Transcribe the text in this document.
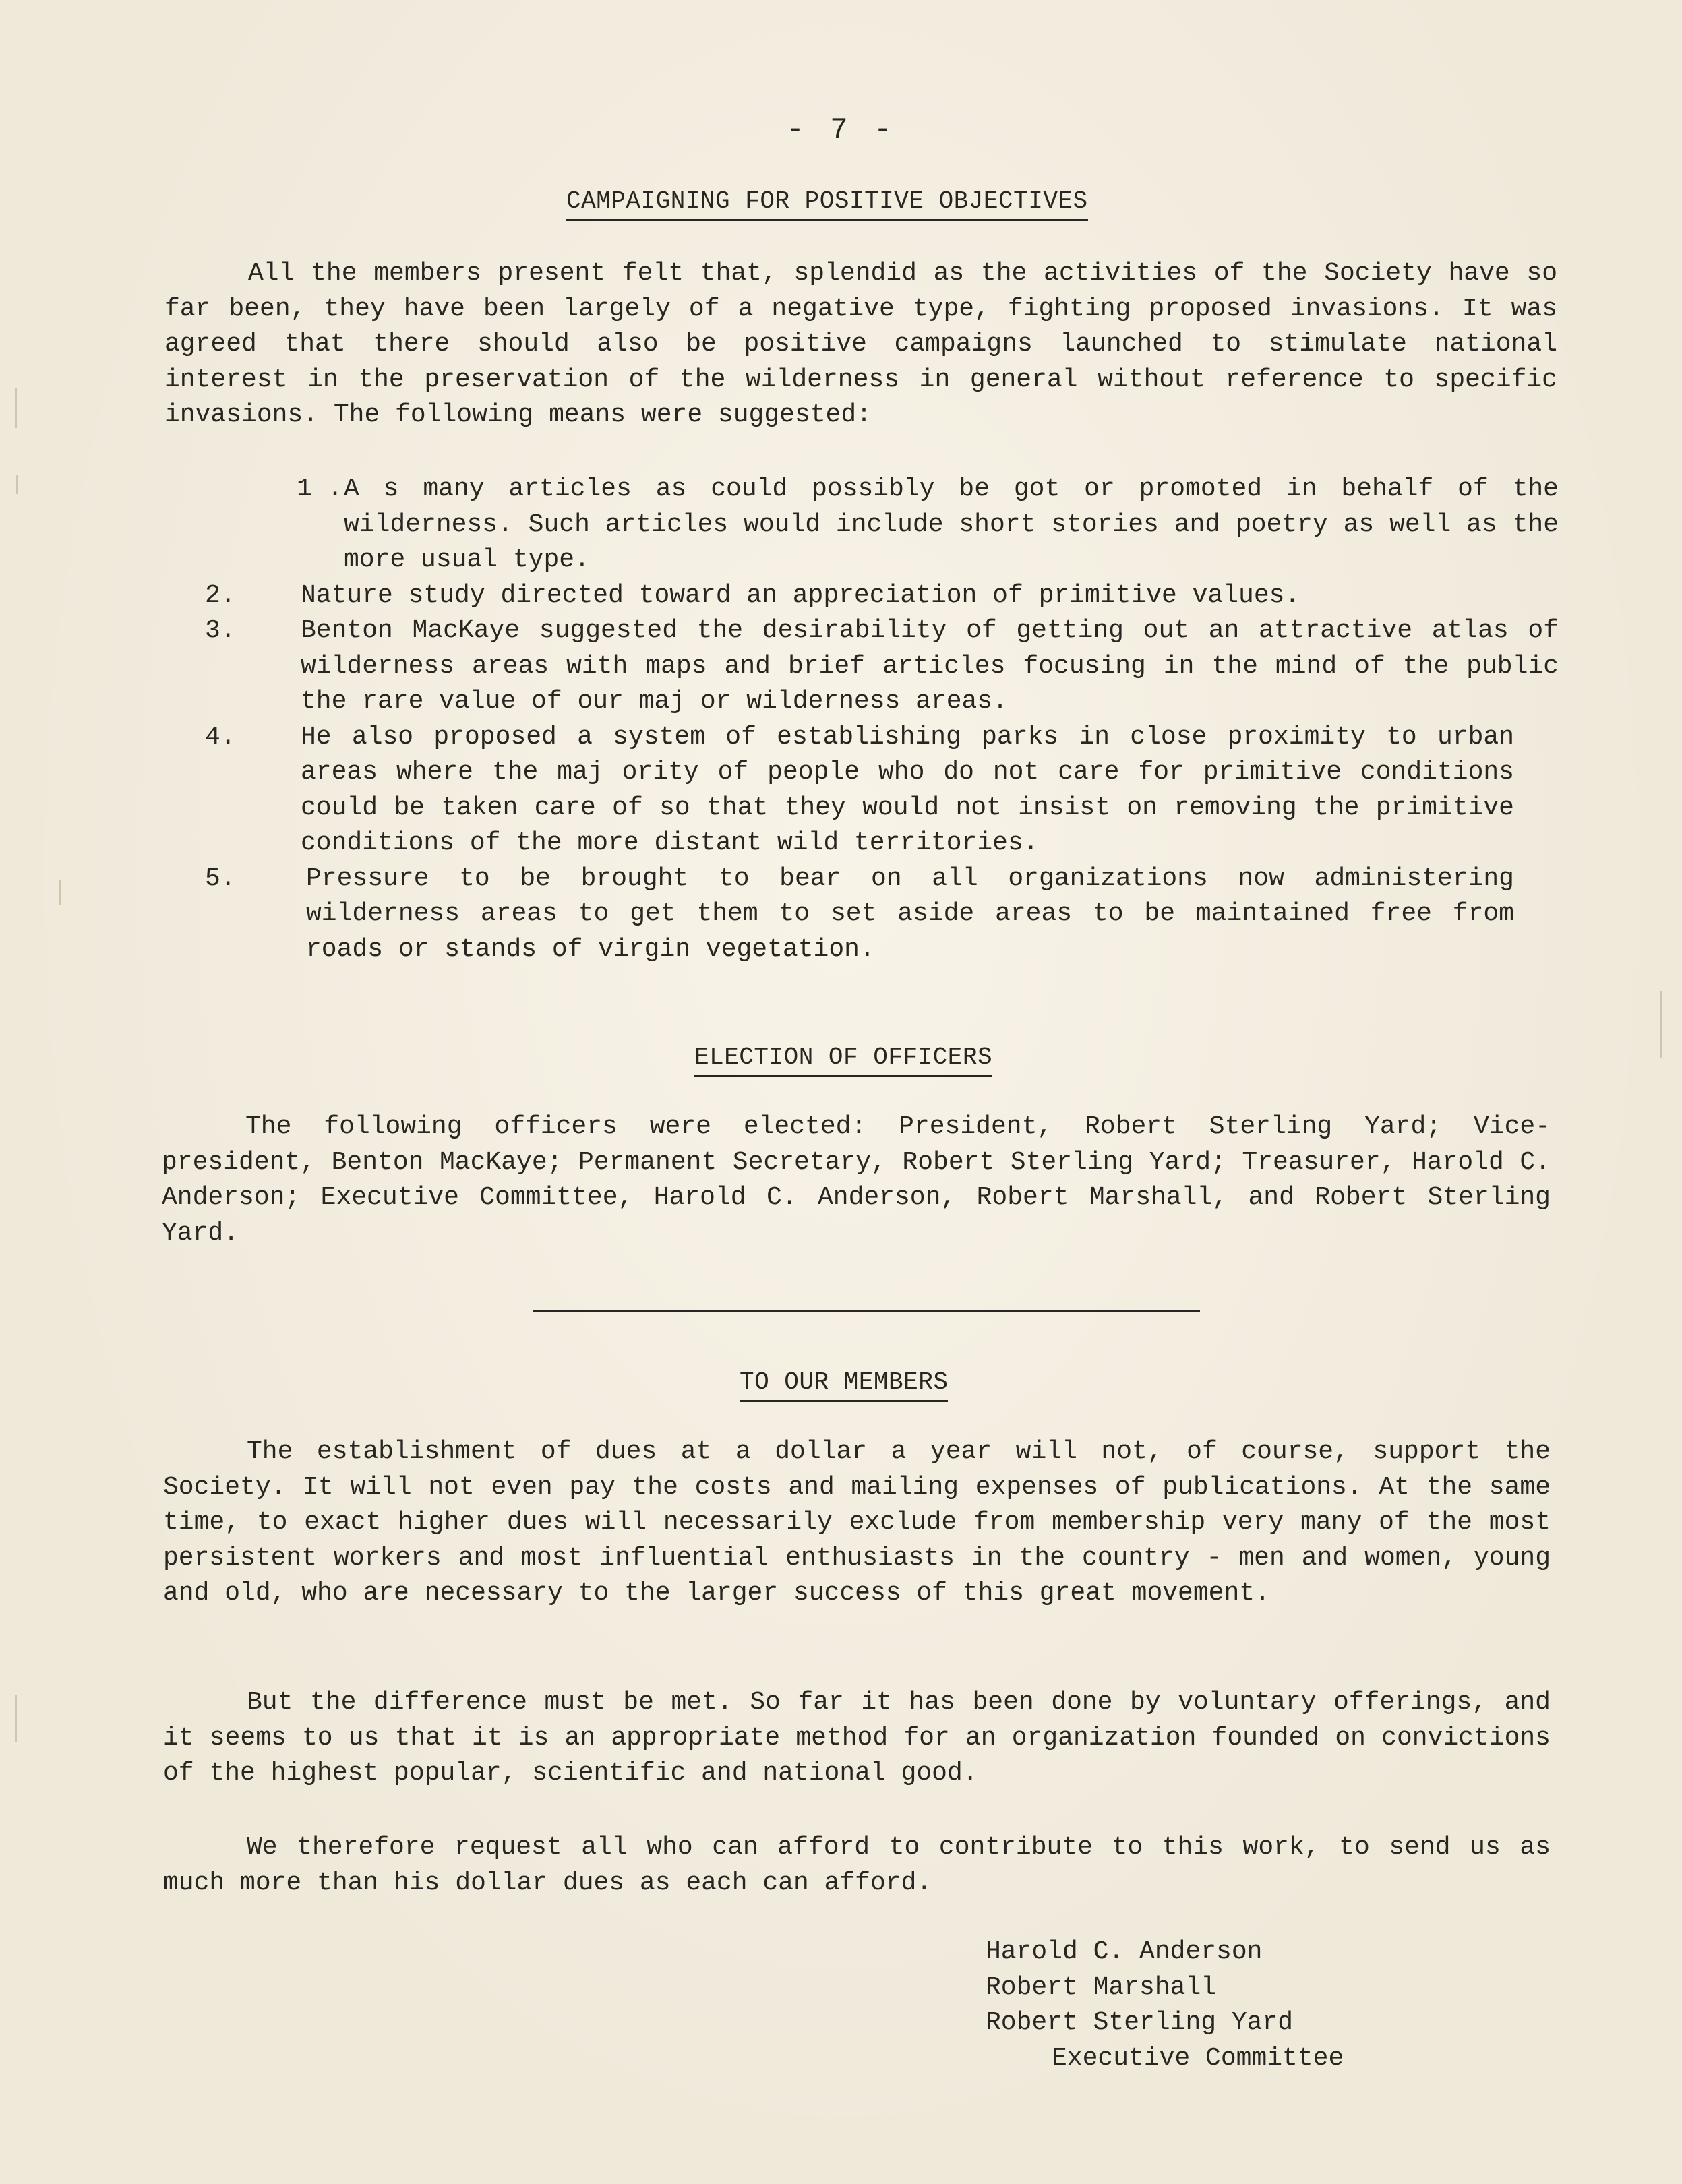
- 7 -
CAMPAIGNING FOR POSITIVE OBJECTIVES

All the members present felt that, splendid as the activities of the Society have so far been, they have been largely of a negative type, fighting proposed invasions. It was agreed that there should also be positive campaigns launched to stimulate national interest in the preservation of the wilderness in general without reference to specific invasions. The following means were suggested:

1 . A s many articles as could possibly be got or promoted in behalf of the wilderness. Such articles would include short stories and poetry as well as the more usual type.
2.	Nature study directed toward an appreciation of primitive values.
3.	Benton MacKaye suggested the desirability of getting out an attractive atlas of wilderness areas with maps and brief articles focusing in the mind of the public the rare value of our maj or wilderness areas.
4.	He also proposed a system of establishing parks in close proximity to urban areas where the maj ority of people who do not care for primitive conditions could be taken care of so that they would not insist on removing the primitive conditions of the more distant wild territories.
5.	Pressure to be brought to bear on all organizations now administering wilderness areas to get them to set aside areas to be maintained free from roads or stands of virgin vegetation.
ELECTION OF OFFICERS

The following officers were elected: President, Robert Sterling Yard; Vice-president, Benton MacKaye; Permanent Secretary, Robert Sterling Yard; Treasurer, Harold C. Anderson; Executive Committee, Harold C. Anderson, Robert Marshall, and Robert Sterling Yard.

TO OUR MEMBERS

The establishment of dues at a dollar a year will not, of course, support the Society. It will not even pay the costs and mailing expenses of publications. At the same time, to exact higher dues will necessarily exclude from membership very many of the most persistent workers and most influential enthusiasts in the country - men and women, young and old, who are necessary to the larger success of this great movement.

But the difference must be met. So far it has been done by voluntary offerings, and it seems to us that it is an appropriate method for an organization founded on convictions of the highest popular, scientific and national good.

We therefore request all who can afford to contribute to this work, to send us as much more than his dollar dues as each can afford.

Harold C. Anderson
Robert Marshall
Robert Sterling Yard
Executive Committee
